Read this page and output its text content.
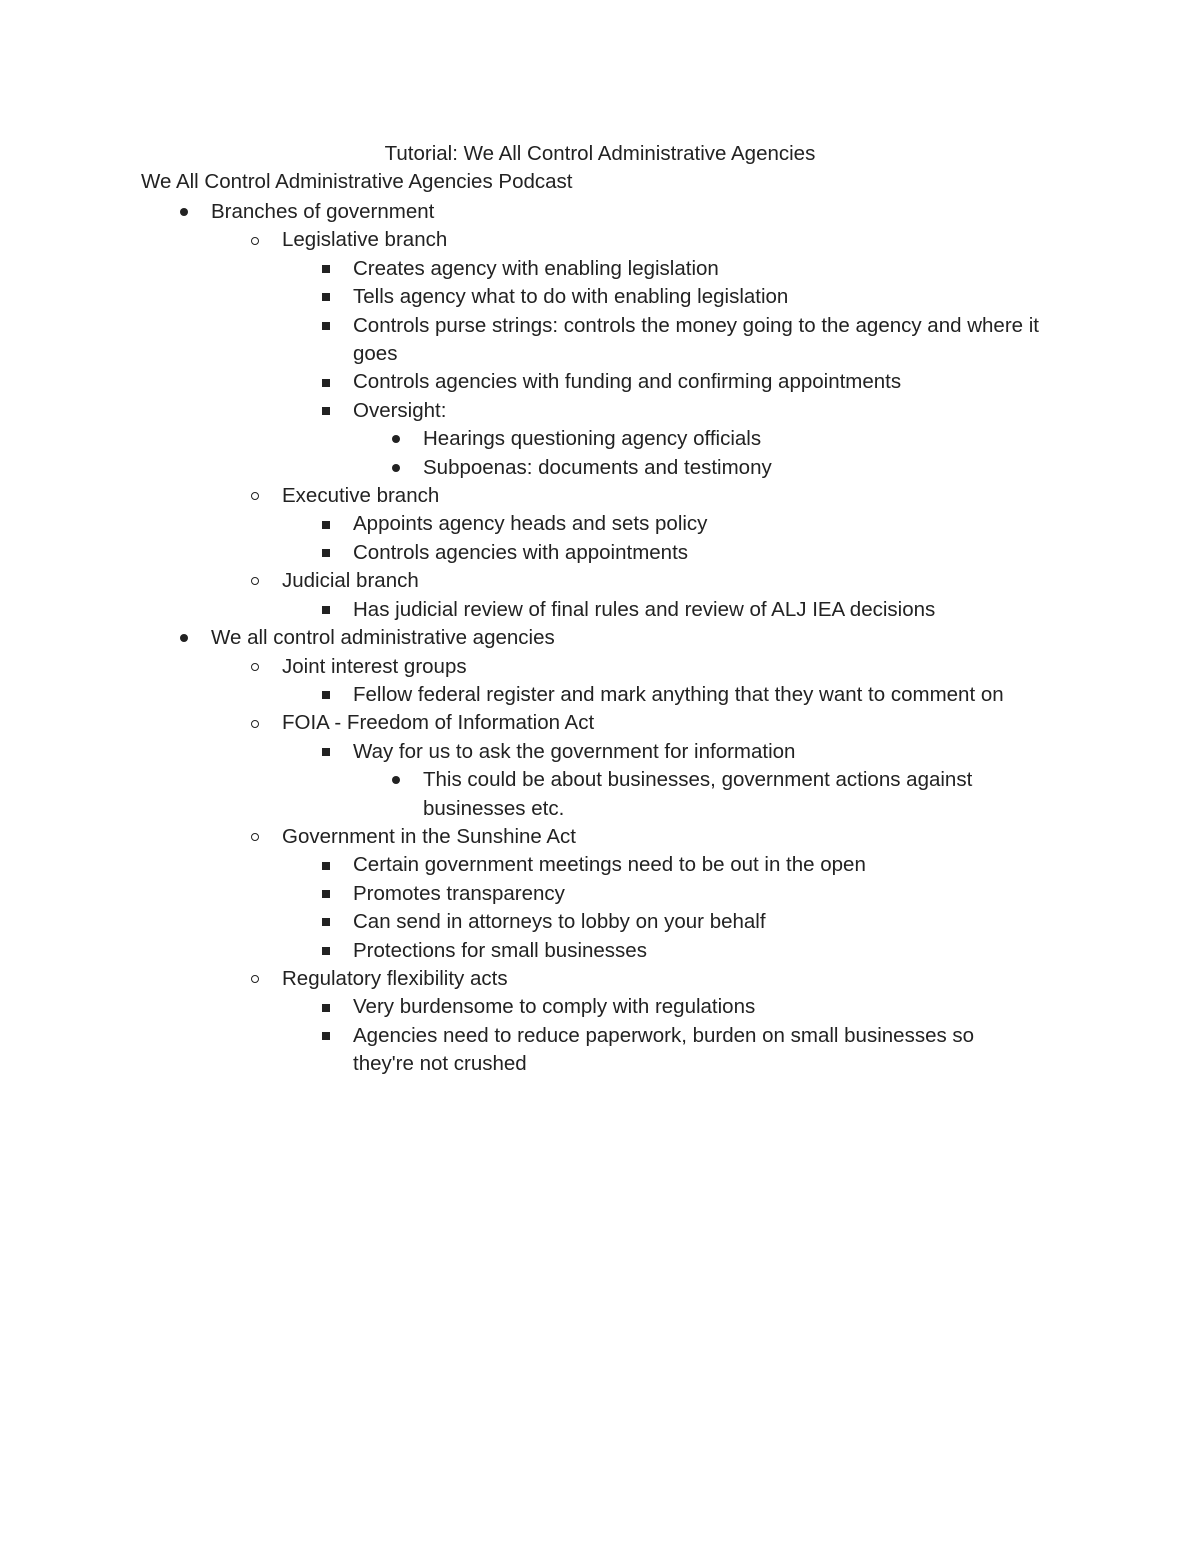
Tutorial: We All Control Administrative Agencies
We All Control Administrative Agencies Podcast
Branches of government
Legislative branch
Creates agency with enabling legislation
Tells agency what to do with enabling legislation
Controls purse strings: controls the money going to the agency and where it goes
Controls agencies with funding and confirming appointments
Oversight:
Hearings questioning agency officials
Subpoenas: documents and testimony
Executive branch
Appoints agency heads and sets policy
Controls agencies with appointments
Judicial branch
Has judicial review of final rules and review of ALJ IEA decisions
We all control administrative agencies
Joint interest groups
Fellow federal register and mark anything that they want to comment on
FOIA - Freedom of Information Act
Way for us to ask the government for information
This could be about businesses, government actions against businesses etc.
Government in the Sunshine Act
Certain government meetings need to be out in the open
Promotes transparency
Can send in attorneys to lobby on your behalf
Protections for small businesses
Regulatory flexibility acts
Very burdensome to comply with regulations
Agencies need to reduce paperwork, burden on small businesses so they're not crushed
